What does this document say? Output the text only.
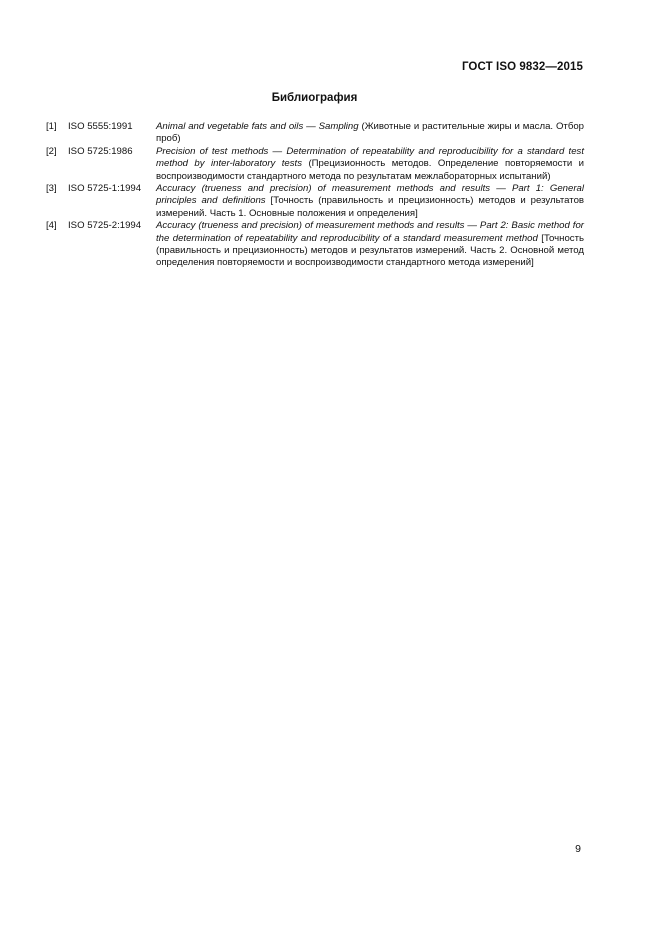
ГОСТ ISO 9832—2015
Библиография
[1]	ISO 5555:1991	Animal and vegetable fats and oils — Sampling (Животные и растительные жиры и масла. Отбор проб)
[2]	ISO 5725:1986	Precision of test methods — Determination of repeatability and reproducibility for a standard test method by inter-laboratory tests (Прецизионность методов. Определение повторяемости и воспроизводимости стандартного метода по результатам межлабораторных испытаний)
[3]	ISO 5725-1:1994	Accuracy (trueness and precision) of measurement methods and results — Part 1: General principles and definitions [Точность (правильность и прецизионность) методов и результатов измерений. Часть 1. Основные положения и определения]
[4]	ISO 5725-2:1994	Accuracy (trueness and precision) of measurement methods and results — Part 2: Basic method for the determination of repeatability and reproducibility of a standard measurement method [Точность (правильность и прецизионность) методов и результатов измерений. Часть 2. Основной метод определения повторяемости и воспроизводимости стандартного метода измерений]
9
